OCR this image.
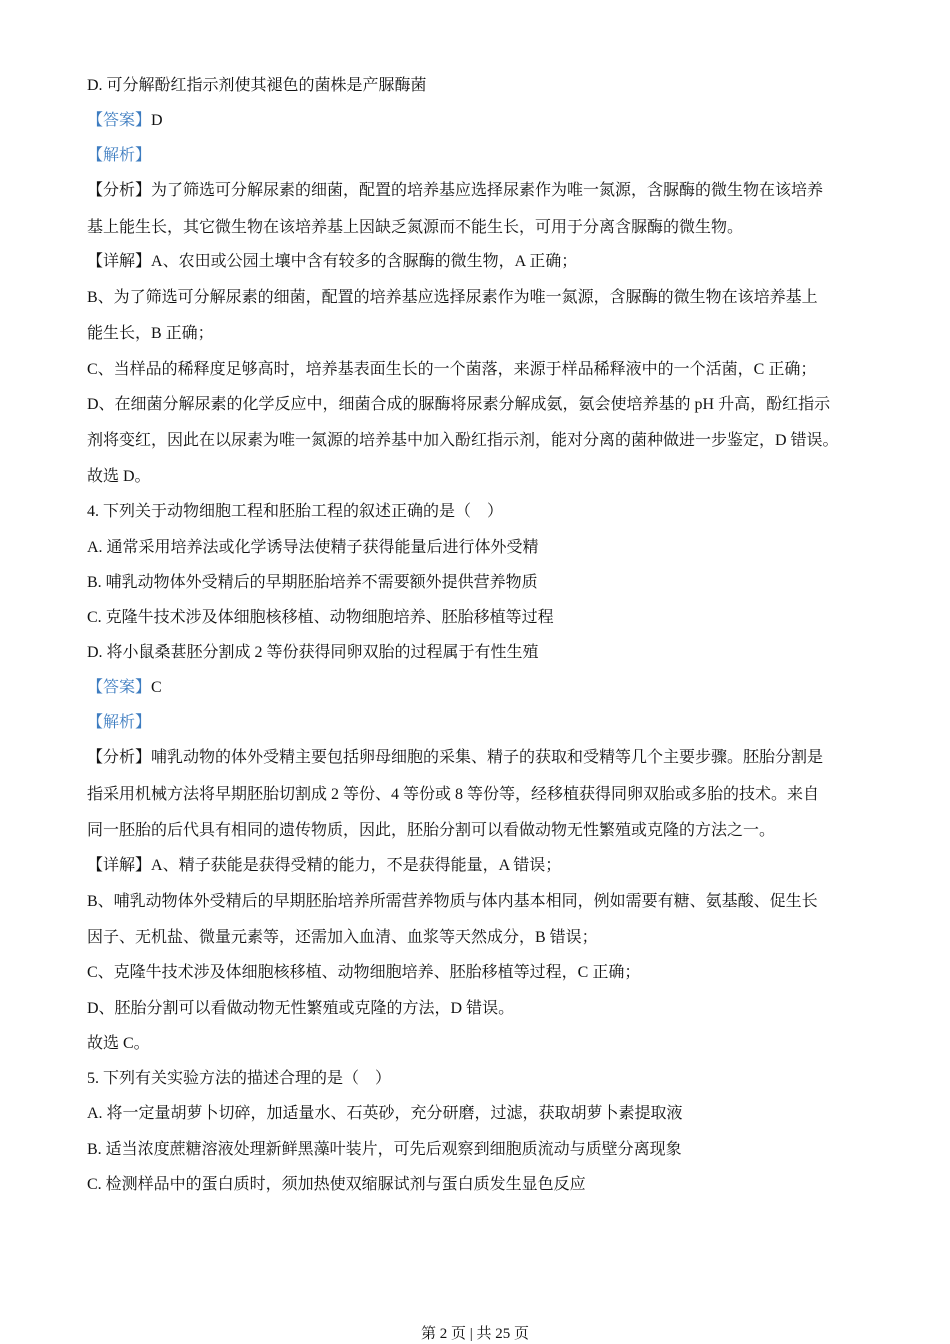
D. 可分解酚红指示剂使其褪色的菌株是产脲酶菌
【答案】D
【解析】
【分析】为了筛选可分解尿素的细菌，配置的培养基应选择尿素作为唯一氮源，含脲酶的微生物在该培养
基上能生长，其它微生物在该培养基上因缺乏氮源而不能生长，可用于分离含脲酶的微生物。
【详解】A、农田或公园土壤中含有较多的含脲酶的微生物，A 正确；
B、为了筛选可分解尿素的细菌，配置的培养基应选择尿素作为唯一氮源，含脲酶的微生物在该培养基上
能生长，B 正确；
C、当样品的稀释度足够高时，培养基表面生长的一个菌落，来源于样品稀释液中的一个活菌，C 正确；
D、在细菌分解尿素的化学反应中，细菌合成的脲酶将尿素分解成氨，氨会使培养基的 pH 升高，酚红指示
剂将变红，因此在以尿素为唯一氮源的培养基中加入酚红指示剂，能对分离的菌种做进一步鉴定，D 错误。
故选 D。
4. 下列关于动物细胞工程和胚胎工程的叙述正确的是（　）
A. 通常采用培养法或化学诱导法使精子获得能量后进行体外受精
B. 哺乳动物体外受精后的早期胚胎培养不需要额外提供营养物质
C. 克隆牛技术涉及体细胞核移植、动物细胞培养、胚胎移植等过程
D. 将小鼠桑葚胚分割成 2 等份获得同卵双胎的过程属于有性生殖
【答案】C
【解析】
【分析】哺乳动物的体外受精主要包括卵母细胞的采集、精子的获取和受精等几个主要步骤。胚胎分割是
指采用机械方法将早期胚胎切割成 2 等份、4 等份或 8 等份等，经移植获得同卵双胎或多胎的技术。来自
同一胚胎的后代具有相同的遗传物质，因此，胚胎分割可以看做动物无性繁殖或克隆的方法之一。
【详解】A、精子获能是获得受精的能力，不是获得能量，A 错误；
B、哺乳动物体外受精后的早期胚胎培养所需营养物质与体内基本相同，例如需要有糖、氨基酸、促生长
因子、无机盐、微量元素等，还需加入血清、血浆等天然成分，B 错误；
C、克隆牛技术涉及体细胞核移植、动物细胞培养、胚胎移植等过程，C 正确；
D、胚胎分割可以看做动物无性繁殖或克隆的方法，D 错误。
故选 C。
5. 下列有关实验方法的描述合理的是（　）
A. 将一定量胡萝卜切碎，加适量水、石英砂，充分研磨，过滤，获取胡萝卜素提取液
B. 适当浓度蔗糖溶液处理新鲜黑藻叶装片，可先后观察到细胞质流动与质壁分离现象
C. 检测样品中的蛋白质时，须加热使双缩脲试剂与蛋白质发生显色反应
第 2 页 | 共 25 页
